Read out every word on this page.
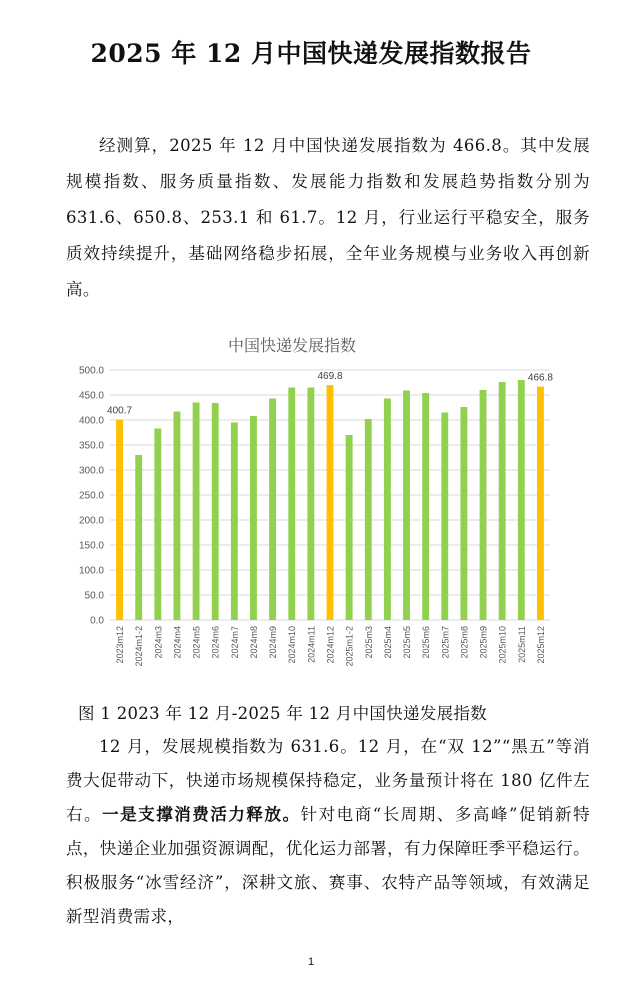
2025 年 12 月中国快递发展指数报告

经测算，2025 年 12 月中国快递发展指数为 466.8。其中发展规模指数、服务质量指数、发展能力指数和发展趋势指数分别为 631.6、650.8、253.1 和 61.7。12 月，行业运行平稳安全，服务质效持续提升，基础网络稳步拓展，全年业务规模与业务收入再创新高。

中国快递发展指数
0.0
50.0
100.0
150.0
200.0
250.0
300.0
350.0
400.0
450.0
500.0
400.7
469.8	466.8
2023m12 2024m1-2 2024m3 2024m4 2024m5 2024m6 2024m7 2024m8 2024m9 2024m10 2024m11 2024m12 2025m1-2 2025m3 2025m4 2025m5 2025m6 2025m7 2025m8 2025m9 2025m10 2025m11 2025m12

图 1 2023 年 12 月-2025 年 12 月中国快递发展指数

12 月，发展规模指数为 631.6。12 月，在“双 12”“黑五”等消费大促带动下，快递市场规模保持稳定，业务量预计将在 180 亿件左右。一是支撑消费活力释放。针对电商“长周期、多高峰”促销新特点，快递企业加强资源调配，优化运力部署，有力保障旺季平稳运行。积极服务“冰雪经济”，深耕文旅、赛事、农特产品等领域，有效满足新型消费需求，

1
